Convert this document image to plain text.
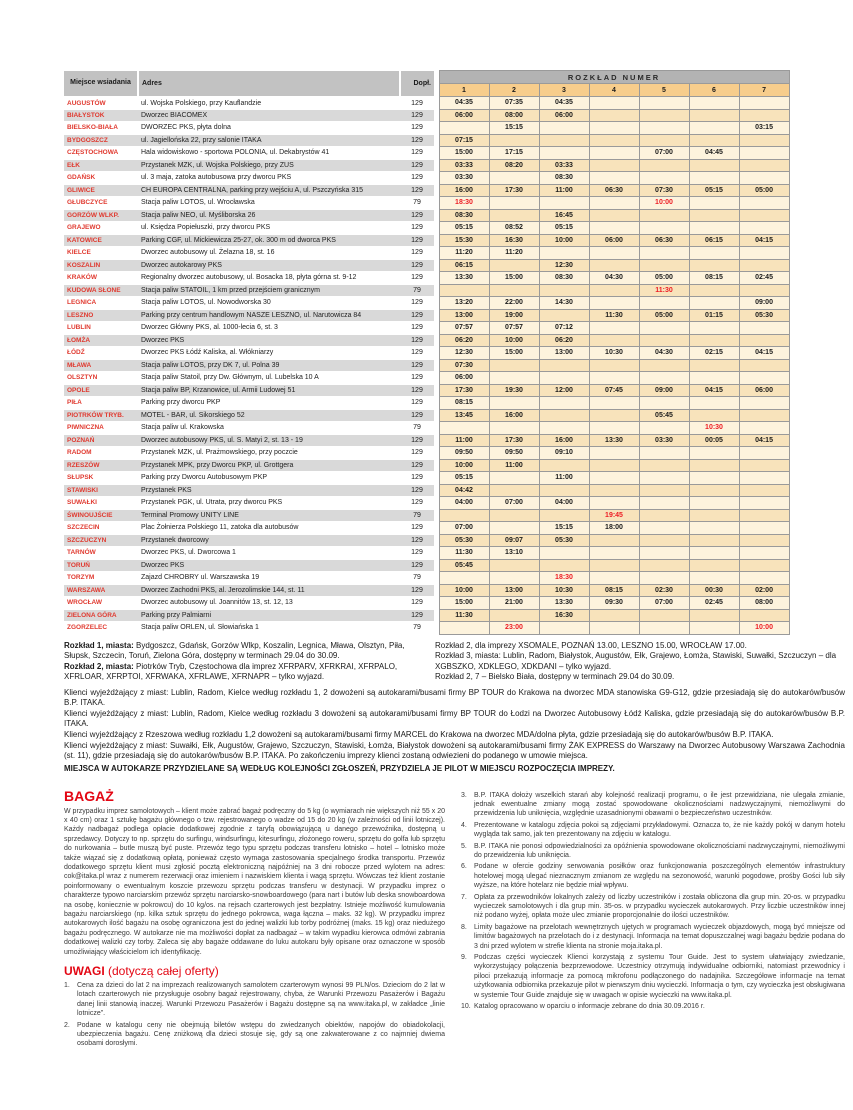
Miejsce wsiadania	Adres	Dopł.		ROZKŁAD NUMER						
				1	2	3	4	5	6	7
AUGUSTÓW	ul. Wojska Polskiego, przy Kauflandzie	129		04:35	07:35	04:35				
BIAŁYSTOK	Dworzec BIACOMEX	129		06:00	08:00	06:00				
BIELSKO-BIAŁA	DWORZEC PKS, płyta dolna	129			15:15					03:15
BYDGOSZCZ	ul. Jagiellońska 22, przy salonie ITAKA	129		07:15						
CZĘSTOCHOWA	Hala widowiskowo - sportowa POLONIA, ul. Dekabrystów 41	129		15:00	17:15			07:00	04:45	
EŁK	Przystanek MZK, ul. Wojska Polskiego, przy ZUS	129		03:33	08:20	03:33				
GDAŃSK	ul. 3 maja, zatoka autobusowa przy dworcu PKS	129		03:30		08:30				
GLIWICE	CH EUROPA CENTRALNA, parking przy wejściu A, ul. Pszczyńska 315	129		16:00	17:30	11:00	06:30	07:30	05:15	05:00
GŁUBCZYCE	Stacja paliw LOTOS, ul. Wrocławska	79		18:30				10:00		
GORZÓW WLKP.	Stacja paliw NEO, ul. Myśliborska 26	129		08:30		16:45				
GRAJEWO	ul. Księdza Popiełuszki, przy dworcu PKS	129		05:15	08:52	05:15				
KATOWICE	Parking CGF, ul. Mickiewicza 25-27, ok. 300 m od dworca PKS	129		15:30	16:30	10:00	06:00	06:30	06:15	04:15
KIELCE	Dworzec autobusowy ul. Żelazna 18, st. 16	129		11:20	11:20					
KOSZALIN	Dworzec autokarowy PKS	129		06:15		12:30				
KRAKÓW	Regionalny dworzec autobusowy, ul. Bosacka 18, płyta górna st. 9-12	129		13:30	15:00	08:30	04:30	05:00	08:15	02:45
KUDOWA SŁONE	Stacja paliw STATOIL, 1 km przed przejściem granicznym	79						11:30		
LEGNICA	Stacja paliw LOTOS, ul. Nowodworska 30	129		13:20	22:00	14:30				09:00
LESZNO	Parking przy centrum handlowym NASZE LESZNO, ul. Narutowicza 84	129		13:00	19:00		11:30	05:00	01:15	05:30
LUBLIN	Dworzec Główny PKS, al. 1000-lecia 6, st. 3	129		07:57	07:57	07:12				
ŁOMŻA	Dworzec PKS	129		06:20	10:00	06:20				
ŁÓDŹ	Dworzec PKS Łódź Kaliska, al. Włókniarzy	129		12:30	15:00	13:00	10:30	04:30	02:15	04:15
MŁAWA	Stacja paliw LOTOS, przy DK 7, ul. Polna 39	129		07:30						
OLSZTYN	Stacja paliw Statoil, przy Dw. Głównym, ul. Lubelska 10 A	129		06:00						
OPOLE	Stacja paliw BP, Krzanowice, ul. Armii Ludowej 51	129		17:30	19:30	12:00	07:45	09:00	04:15	06:00
PIŁA	Parking przy dworcu PKP	129		08:15						
PIOTRKÓW TRYB.	MOTEL - BAR, ul. Sikorskiego 52	129		13:45	16:00			05:45		
PIWNICZNA	Stacja paliw ul. Krakowska	79							10:30	
POZNAŃ	Dworzec autobusowy PKS, ul. S. Matyi 2, st. 13 - 19	129		11:00	17:30	16:00	13:30	03:30	00:05	04:15
RADOM	Przystanek MZK, ul. Prażmowskiego, przy poczcie	129		09:50	09:50	09:10				
RZESZÓW	Przystanek MPK, przy Dworcu PKP, ul. Grottgera	129		10:00	11:00					
SŁUPSK	Parking przy Dworcu Autobusowym PKP	129		05:15		11:00				
STAWISKI	Przystanek PKS	129		04:42						
SUWAŁKI	Przystanek PGK, ul. Utrata, przy dworcu PKS	129		04:00	07:00	04:00				
ŚWINOUJŚCIE	Terminal Promowy UNITY LINE	79					19:45			
SZCZECIN	Plac Żołnierza Polskiego 11, zatoka dla autobusów	129		07:00		15:15	18:00			
SZCZUCZYN	Przystanek dworcowy	129		05:30	09:07	05:30				
TARNÓW	Dworzec PKS, ul. Dworcowa 1	129		11:30	13:10					
TORUŃ	Dworzec PKS	129		05:45						
TORZYM	Zajazd CHROBRY ul. Warszawska 19	79				18:30				
WARSZAWA	Dworzec Zachodni PKS, al. Jerozolimskie 144, st. 11	129		10:00	13:00	10:30	08:15	02:30	00:30	02:00
WROCŁAW	Dworzec autobusowy ul. Joannitów 13, st. 12, 13	129		15:00	21:00	13:30	09:30	07:00	02:45	08:00
ZIELONA GÓRA	Parking przy Palmiarni	129		11:30		16:30				
ZGORZELEC	Stacja paliw ORLEN, ul. Słowiańska 1	79			23:00					10:00

Rozkład 1, miasta: Bydgoszcz, Gdańsk, Gorzów Wlkp, Koszalin, Legnica, Mława, Olsztyn, Piła, Słupsk, Szczecin, Toruń, Zielona Góra, dostępny w terminach 29.04 do 30.09.

Rozkład 2, miasta: Piotrków Tryb, Częstochowa dla imprez XFRPARV, XFRKRAI, XFRPALO, XFRLOAR, XFRPTOI, XFRWAKA, XFRLAWE, XFRNAPR – tylko wyjazd.

Rozkład 2, dla imprezy XSOMALE, POZNAŃ 13.00, LESZNO 15.00, WROCŁAW 17.00.

Rozkład 3, miasta: Lublin, Radom, Białystok, Augustów, Ełk, Grajewo, Łomża, Stawiski, Suwałki, Szczuczyn – dla XGBSZKO, XDKLEGO, XDKDANI – tylko wyjazd.

Rozkład 2, 7 – Bielsko Biała, dostępny w terminach 29.04 do 30.09.

Klienci wyjeżdżający z miast: Lublin, Radom, Kielce według rozkładu 1, 2 dowożeni są autokarami/busami firmy BP TOUR do Krakowa na dworzec MDA stanowiska G9-G12, gdzie przesiadają się do autokarów/busów B.P. ITAKA.

Klienci wyjeżdżający z miast: Lublin, Radom, Kielce według rozkładu 3 dowożeni są autokarami/busami firmy BP TOUR do Łodzi na Dworzec Autobusowy Łódź Kaliska, gdzie przesiadają się do autokarów/busów B.P. ITAKA.

Klienci wyjeżdżający z Rzeszowa według rozkładu 1,2 dowożeni są autokarami/busami firmy MARCEL do Krakowa na dworzec MDA/dolna płyta, gdzie przesiadają się do autokarów/busów B.P. ITAKA.

Klienci wyjeżdżający z miast: Suwałki, Ełk, Augustów, Grajewo, Szczuczyn, Stawiski, Łomża, Białystok dowożeni są autokarami/busami firmy ŻAK EXPRESS do Warszawy na Dworzec Autobusowy Warszawa Zachodnia (st. 11), gdzie przesiadają się do autokarów/busów B.P. ITAKA. Po zakończeniu imprezy klienci zostaną odwiezieni do podanego w umowie miejsca.

MIEJSCA W AUTOKARZE PRZYDZIELANE SĄ WEDŁUG KOLEJNOŚCI ZGŁOSZEŃ, PRZYDZIELA JE PILOT W MIEJSCU ROZPOCZĘCIA IMPREZY.
BAGAŻ

W przypadku imprez samolotowych – klient może zabrać bagaż podręczny do 5 kg (o wymiarach nie większych niż 55 x 20 x 40 cm) oraz 1 sztukę bagażu głównego o tzw. rejestrowanego o wadze od 15 do 20 kg (w zależności od linii lotniczej). Każdy nadbagaż podlega opłacie dodatkowej zgodnie z taryfą obowiązującą u danego przewoźnika, dostępną u sprzedawcy. Dotyczy to np. sprzętu do surfingu, windsurfingu, kitesurfingu, złożonego roweru, sprzętu do golfa lub sprzętu do nurkowania – butle muszą być puste. Przewóz tego typu sprzętu podczas transferu lotnisko – hotel – lotnisko może także wiązać się z dodatkową opłatą, ponieważ często wymaga zastosowania specjalnego środka transportu. Przewóz dodatkowego sprzętu klient musi zgłosić pocztą elektroniczną najpóźniej na 3 dni robocze przed wylotem na adres: cok@itaka.pl wraz z numerem rezerwacji oraz imieniem i nazwiskiem klienta i wagą sprzętu. Wówczas też klient zostanie poinformowany o ewentualnym koszcie przewozu sprzętu podczas transferu w destynacji. W przypadku imprez o charakterze typowo narciarskim przewóz sprzętu narciarsko-snowboardowego (para nart i butów lub deska snowboardowa na osobę, koniecznie w pokrowcu) do 10 kg/os. na rejsach czarterowych jest bezpłatny. Istnieje możliwość kumulowania bagażu narciarskiego (np. kilka sztuk sprzętu do jednego pokrowca, waga łączna – maks. 32 kg). W przypadku imprez autokarowych ilość bagażu na osobę ograniczona jest do jednej walizki lub torby podróżnej (maks. 15 kg) oraz niedużego bagażu podręcznego. W autokarze nie ma możliwości dopłat za nadbagaż – w takim wypadku kierowca odmówi zabrania dodatkowej walizki czy torby. Zaleca się aby bagaże oddawane do luku autokaru były opisane oraz oznaczone w sposób umożliwiający właścicielom ich identyfikację.

UWAGI (dotyczą całej oferty)
1.	Cena za dzieci do lat 2 na imprezach realizowanych samolotem czarterowym wynosi 99 PLN/os. Dzieciom do 2 lat w lotach czarterowych nie przysługuje osobny bagaż rejestrowany, chyba, że Warunki Przewozu Pasażerów i Bagażu danej linii stanowią inaczej. Warunki Przewozu Pasażerów i Bagażu dostępne są na www.itaka.pl, w zakładce „linie lotnicze”.
2.	Podane w katalogu ceny nie obejmują biletów wstępu do zwiedzanych obiektów, napojów do obiadokolacji, ubezpieczenia bagażu. Cenę zniżkową dla dzieci stosuje się, gdy są one zakwaterowane z co najmniej dwiema osobami dorosłymi.
3.	B.P. ITAKA dołoży wszelkich starań aby kolejność realizacji programu, o ile jest przewidziana, nie ulegała zmianie, jednak ewentualne zmiany mogą zostać spowodowane okolicznościami nadzwyczajnymi, niemożliwymi do przewidzenia lub uniknięcia, względnie uzasadnionymi obawami o bezpieczeństwo uczestników.
4.	Prezentowane w katalogu zdjęcia pokoi są zdjęciami przykładowymi. Oznacza to, że nie każdy pokój w danym hotelu wygląda tak samo, jak ten prezentowany na zdjęciu w katalogu.
5.	B.P. ITAKA nie ponosi odpowiedzialności za opóźnienia spowodowane okolicznościami nadzwyczajnymi, niemożliwymi do przewidzenia lub uniknięcia.
6.	Podane w ofercie godziny serwowania posiłków oraz funkcjonowania poszczególnych elementów infrastruktury hotelowej mogą ulegać nieznacznym zmianom ze względu na sezonowość, warunki pogodowe, prośby Gości lub siły wyższe, na które hotelarz nie będzie miał wpływu.
7.	Opłata za przewodników lokalnych zależy od liczby uczestników i została obliczona dla grup min. 20-os. w przypadku wycieczek samolotowych i dla grup min. 35-os. w przypadku wycieczek autokarowych. Przy liczbie uczestników innej niż podano wyżej, opłata może ulec zmianie proporcjonalnie do ilości uczestników.
8.	Limity bagażowe na przelotach wewnętrznych ujętych w programach wycieczek objazdowych, mogą być mniejsze od limitów bagażowych na przelotach do i z destynacji. Informacja na temat dopuszczalnej wagi bagażu będzie podana do 3 dni przed wylotem w strefie klienta na stronie moja.itaka.pl.
9.	Podczas części wycieczek Klienci korzystają z systemu Tour Guide. Jest to system ułatwiający zwiedzanie, wykorzystujący połączenia bezprzewodowe. Uczestnicy otrzymują indywidualne odbiorniki, natomiast przewodnicy i piloci przekazują informacje za pomocą mikrofonu podłączonego do nadajnika. Szczegółowe informacje na temat użytkowania odbiornika przekazuje pilot w pierwszym dniu wycieczki. Informacja o tym, czy wycieczka jest obsługiwana w systemie Tour Guide znajduje się w uwagach w opisie wycieczki na www.itaka.pl.
10. Katalog opracowano w oparciu o informacje zebrane do dnia 30.09.2016 r.
